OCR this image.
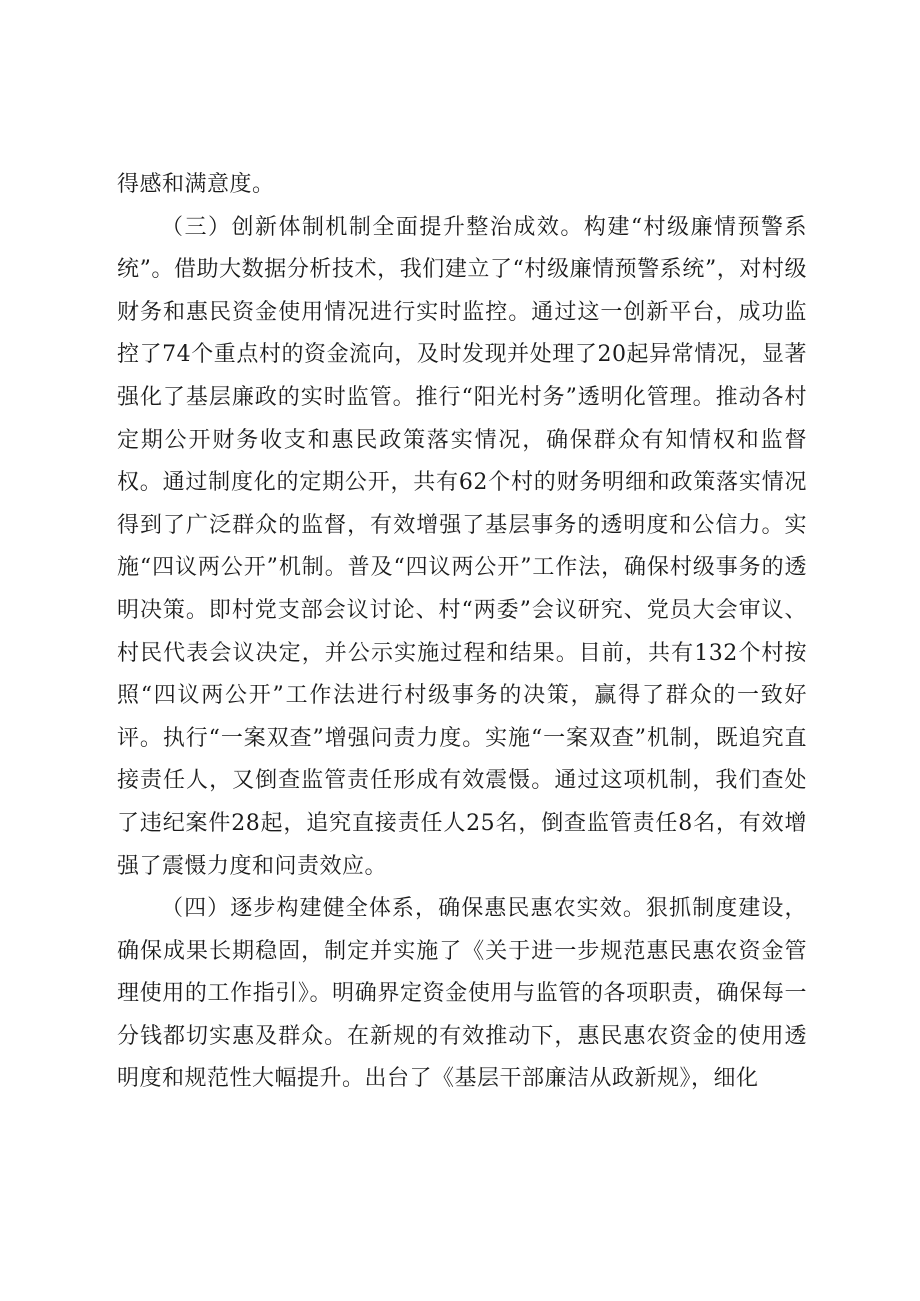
得感和满意度。

（三）创新体制机制全面提升整治成效。构建“村级廉情预警系统”。借助大数据分析技术，我们建立了“村级廉情预警系统”，对村级财务和惠民资金使用情况进行实时监控。通过这一创新平台，成功监控了74个重点村的资金流向，及时发现并处理了20起异常情况，显著强化了基层廉政的实时监管。推行“阳光村务”透明化管理。推动各村定期公开财务收支和惠民政策落实情况，确保群众有知情权和监督权。通过制度化的定期公开，共有62个村的财务明细和政策落实情况得到了广泛群众的监督，有效增强了基层事务的透明度和公信力。实施“四议两公开”机制。普及“四议两公开”工作法，确保村级事务的透明决策。即村党支部会议讨论、村“两委”会议研究、党员大会审议、村民代表会议决定，并公示实施过程和结果。目前，共有132个村按照“四议两公开”工作法进行村级事务的决策，赢得了群众的一致好评。执行“一案双查”增强问责力度。实施“一案双查”机制，既追究直接责任人，又倒查监管责任形成有效震慑。通过这项机制，我们查处了违纪案件28起，追究直接责任人25名，倒查监管责任8名，有效增强了震慑力度和问责效应。

（四）逐步构建健全体系，确保惠民惠农实效。狠抓制度建设，确保成果长期稳固，制定并实施了《关于进一步规范惠民惠农资金管理使用的工作指引》。明确界定资金使用与监管的各项职责，确保每一分钱都切实惠及群众。在新规的有效推动下，惠民惠农资金的使用透明度和规范性大幅提升。出台了《基层干部廉洁从政新规》，细化
